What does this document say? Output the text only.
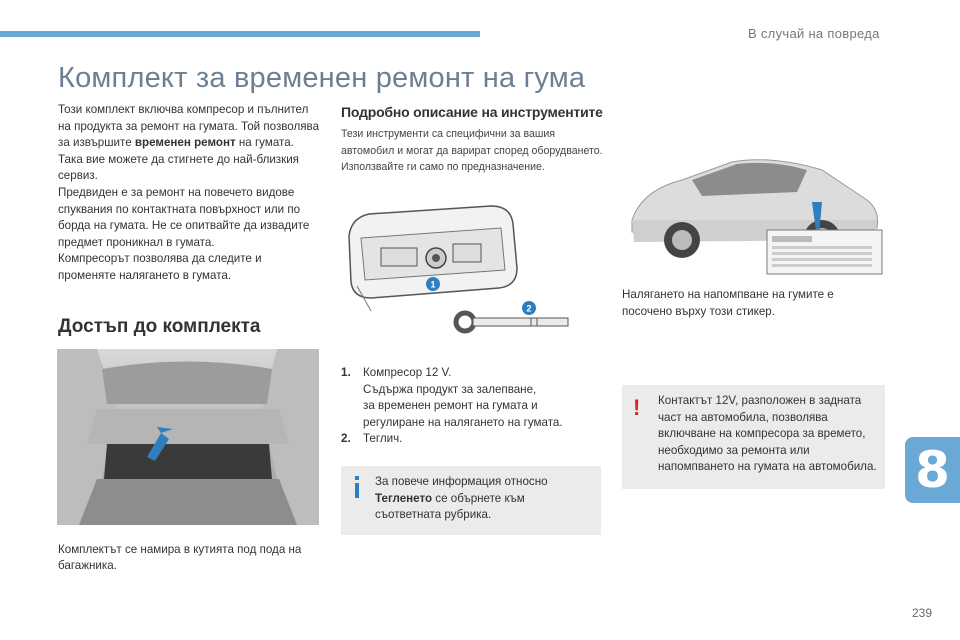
В случай на повреда
Комплект за временен ремонт на гума
Този комплект включва компресор и пълнител на продукта за ремонт на гумата. Той позволява за извършите временен ремонт на гумата.
Така вие можете да стигнете до най-близкия сервиз.
Предвиден е за ремонт на повечето видове спуквания по контактната повърхност или по борда на гумата. Не се опитвайте да извадите предмет проникнал в гумата.
Компресорът позволява да следите и променяте налягането в гумата.
Достъп до комплекта
Комплектът се намира в кутията под пода на багажника.
Подробно описание на инструментите
Тези инструменти са специфични за вашия автомобил и могат да варират според оборудването. Използвайте ги само по предназначение.
1
2
1.	Компресор 12 V.
Съдържа продукт за залепване,
за временен ремонт на гумата и
регулиране на налягането на гумата.
2.	Теглич.
За повече информация относно Тегленето се обърнете към съответната рубрика.
Налягането на напомпване на гумите е посочено върху този стикер.
! Контактът 12V, разположен в задната част на автомобила, позволява включване на компресора за времето, необходимо за ремонта или напомпването на гумата на автомобила. 8
239
